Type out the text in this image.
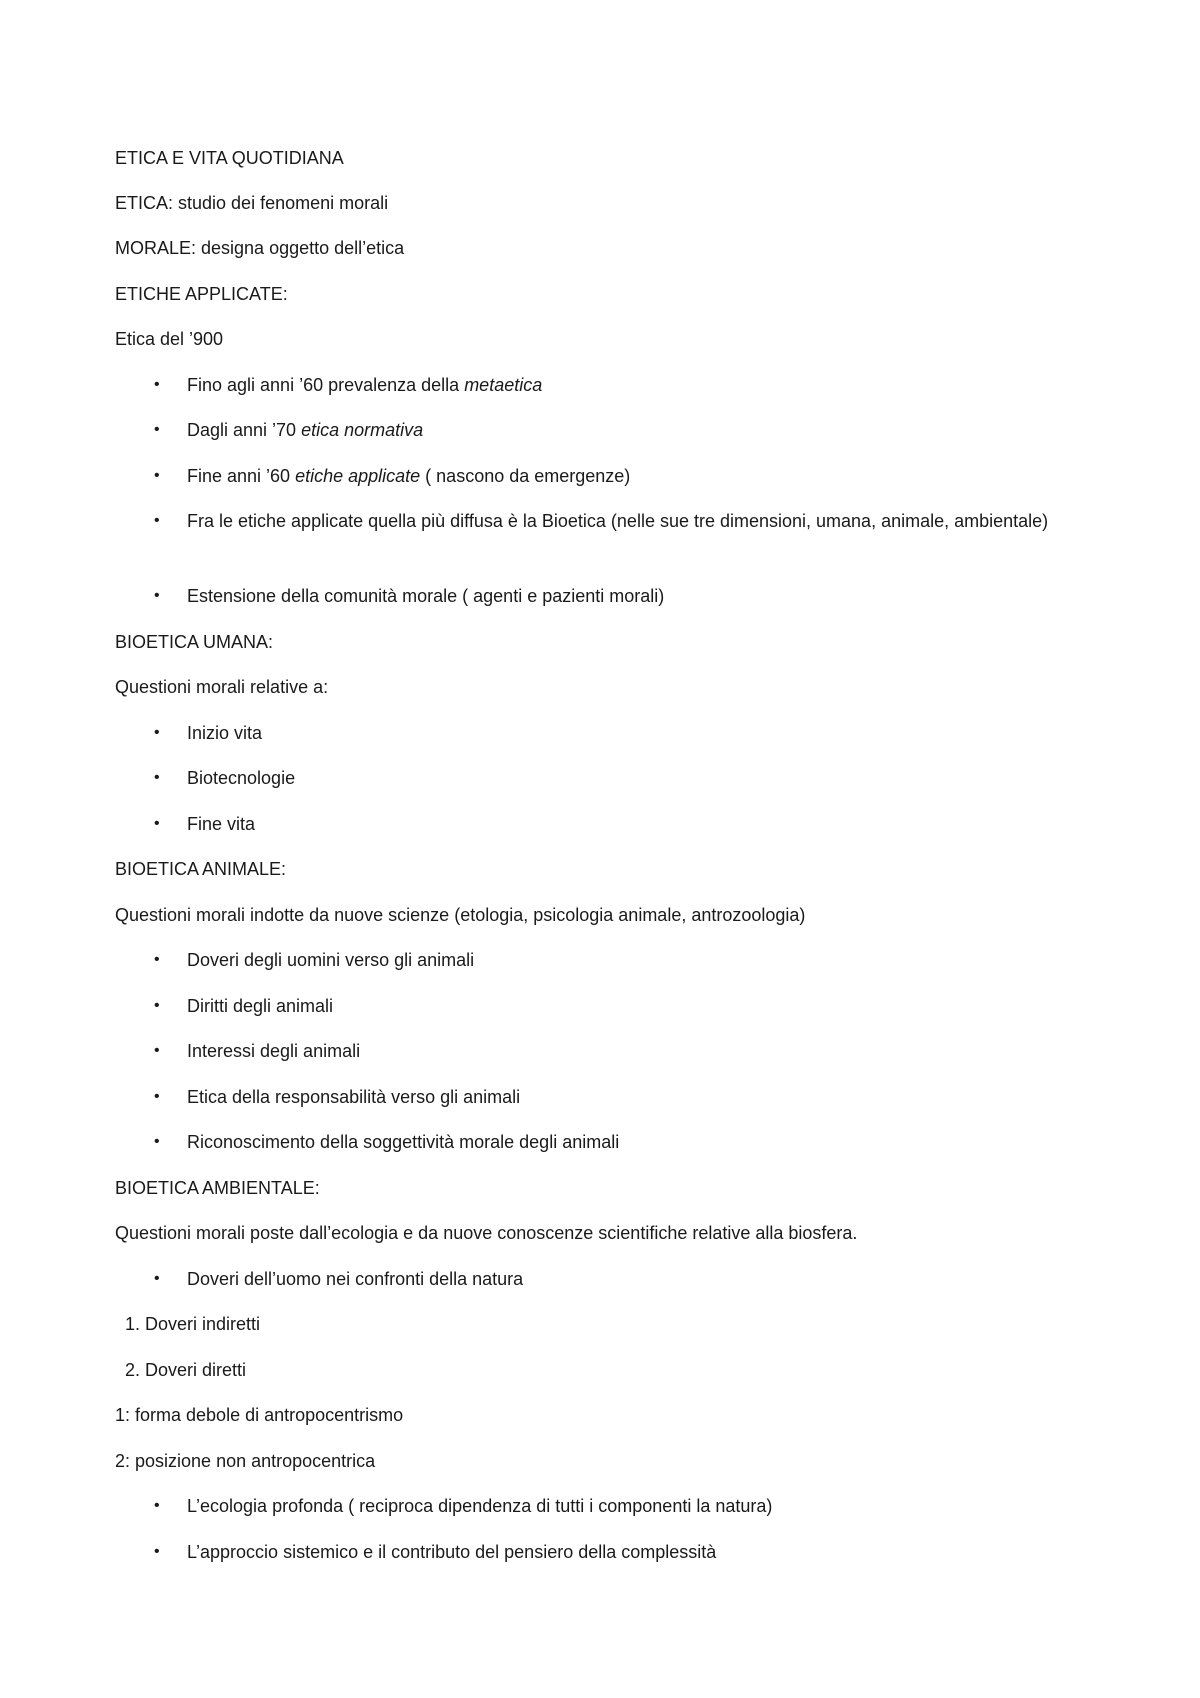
ETICA E VITA QUOTIDIANA
ETICA: studio dei fenomeni morali
MORALE: designa oggetto dell’etica
ETICHE APPLICATE:
Etica del ’900
• Fino agli anni ’60 prevalenza della metaetica
• Dagli anni ’70 etica normativa
• Fine anni ’60 etiche applicate ( nascono da emergenze)
• Fra le etiche applicate quella più diffusa è la Bioetica (nelle sue tre dimensioni, umana, animale, ambientale)
• Estensione della comunità morale ( agenti e pazienti morali)
BIOETICA UMANA:
Questioni morali relative a:
• Inizio vita
• Biotecnologie
• Fine vita
BIOETICA ANIMALE:
Questioni morali indotte da nuove scienze (etologia, psicologia animale, antrozoologia)
• Doveri degli uomini verso gli animali
• Diritti degli animali
• Interessi degli animali
• Etica della responsabilità verso gli animali
• Riconoscimento della soggettività morale degli animali
BIOETICA AMBIENTALE:
Questioni morali poste dall’ecologia e da nuove conoscenze scientifiche relative alla biosfera.
• Doveri dell’uomo nei confronti della natura
1. Doveri indiretti
2. Doveri diretti
1: forma debole di antropocentrismo
2: posizione non antropocentrica
• L’ecologia profonda ( reciproca dipendenza di tutti i componenti la natura)
• L’approccio sistemico e il contributo del pensiero della complessità
